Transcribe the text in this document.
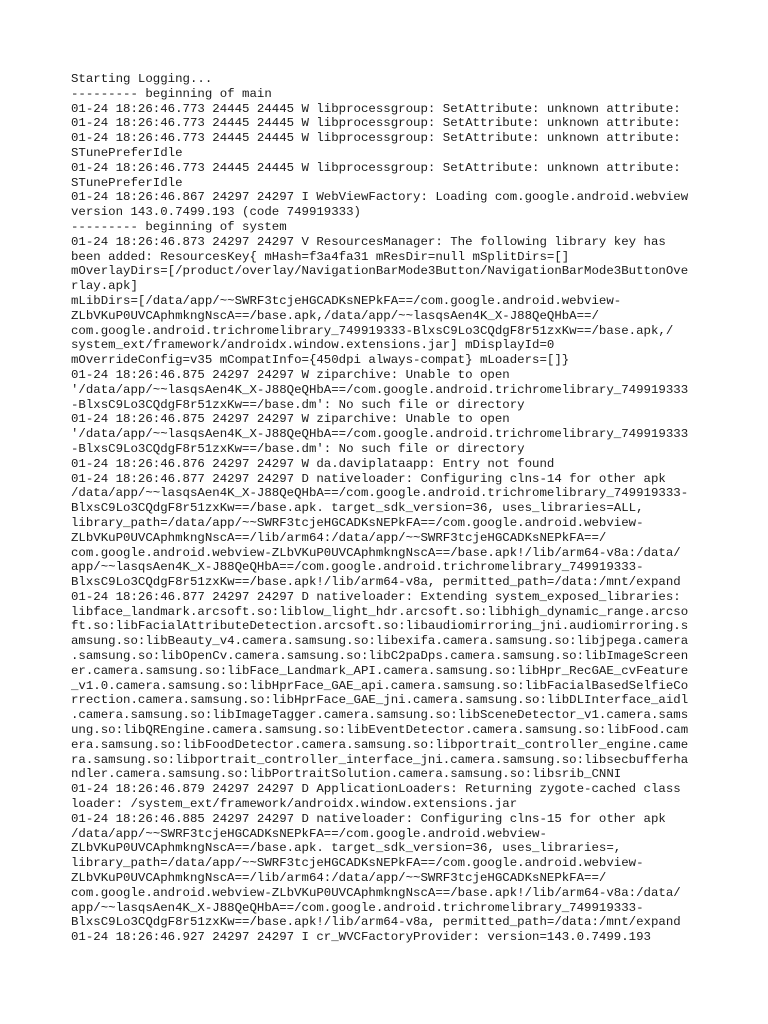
Starting Logging...
--------- beginning of main
01-24 18:26:46.773 24445 24445 W libprocessgroup: SetAttribute: unknown attribute:
01-24 18:26:46.773 24445 24445 W libprocessgroup: SetAttribute: unknown attribute:
01-24 18:26:46.773 24445 24445 W libprocessgroup: SetAttribute: unknown attribute:
STunePreferIdle
01-24 18:26:46.773 24445 24445 W libprocessgroup: SetAttribute: unknown attribute:
STunePreferIdle
01-24 18:26:46.867 24297 24297 I WebViewFactory: Loading com.google.android.webview
version 143.0.7499.193 (code 749919333)
--------- beginning of system
01-24 18:26:46.873 24297 24297 V ResourcesManager: The following library key has
been added: ResourcesKey{ mHash=f3a4fa31 mResDir=null mSplitDirs=[]
mOverlayDirs=[/product/overlay/NavigationBarMode3Button/NavigationBarMode3ButtonOve
rlay.apk]
mLibDirs=[/data/app/~~SWRF3tcjeHGCADKsNEPkFA==/com.google.android.webview-
ZLbVKuP0UVCAphmkngNscA==/base.apk,/data/app/~~lasqsAen4K_X-J88QeQHbA==/
com.google.android.trichromelibrary_749919333-BlxsC9Lo3CQdgF8r51zxKw==/base.apk,/
system_ext/framework/androidx.window.extensions.jar] mDisplayId=0
mOverrideConfig=v35 mCompatInfo={450dpi always-compat} mLoaders=[]}
01-24 18:26:46.875 24297 24297 W ziparchive: Unable to open
'/data/app/~~lasqsAen4K_X-J88QeQHbA==/com.google.android.trichromelibrary_749919333
-BlxsC9Lo3CQdgF8r51zxKw==/base.dm': No such file or directory
01-24 18:26:46.875 24297 24297 W ziparchive: Unable to open
'/data/app/~~lasqsAen4K_X-J88QeQHbA==/com.google.android.trichromelibrary_749919333
-BlxsC9Lo3CQdgF8r51zxKw==/base.dm': No such file or directory
01-24 18:26:46.876 24297 24297 W da.daviplataapp: Entry not found
01-24 18:26:46.877 24297 24297 D nativeloader: Configuring clns-14 for other apk
/data/app/~~lasqsAen4K_X-J88QeQHbA==/com.google.android.trichromelibrary_749919333-
BlxsC9Lo3CQdgF8r51zxKw==/base.apk. target_sdk_version=36, uses_libraries=ALL,
library_path=/data/app/~~SWRF3tcjeHGCADKsNEPkFA==/com.google.android.webview-
ZLbVKuP0UVCAphmkngNscA==/lib/arm64:/data/app/~~SWRF3tcjeHGCADKsNEPkFA==/
com.google.android.webview-ZLbVKuP0UVCAphmkngNscA==/base.apk!/lib/arm64-v8a:/data/
app/~~lasqsAen4K_X-J88QeQHbA==/com.google.android.trichromelibrary_749919333-
BlxsC9Lo3CQdgF8r51zxKw==/base.apk!/lib/arm64-v8a, permitted_path=/data:/mnt/expand
01-24 18:26:46.877 24297 24297 D nativeloader: Extending system_exposed_libraries:
libface_landmark.arcsoft.so:liblow_light_hdr.arcsoft.so:libhigh_dynamic_range.arcso
ft.so:libFacialAttributeDetection.arcsoft.so:libaudiomirroring_jni.audiomirroring.s
amsung.so:libBeauty_v4.camera.samsung.so:libexifa.camera.samsung.so:libjpega.camera
.samsung.so:libOpenCv.camera.samsung.so:libC2paDps.camera.samsung.so:libImageScreen
er.camera.samsung.so:libFace_Landmark_API.camera.samsung.so:libHpr_RecGAE_cvFeature
_v1.0.camera.samsung.so:libHprFace_GAE_api.camera.samsung.so:libFacialBasedSelfieCo
rrection.camera.samsung.so:libHprFace_GAE_jni.camera.samsung.so:libDLInterface_aidl
.camera.samsung.so:libImageTagger.camera.samsung.so:libSceneDetector_v1.camera.sams
ung.so:libQREngine.camera.samsung.so:libEventDetector.camera.samsung.so:libFood.cam
era.samsung.so:libFoodDetector.camera.samsung.so:libportrait_controller_engine.came
ra.samsung.so:libportrait_controller_interface_jni.camera.samsung.so:libsecbufferha
ndler.camera.samsung.so:libPortraitSolution.camera.samsung.so:libsrib_CNNI
01-24 18:26:46.879 24297 24297 D ApplicationLoaders: Returning zygote-cached class
loader: /system_ext/framework/androidx.window.extensions.jar
01-24 18:26:46.885 24297 24297 D nativeloader: Configuring clns-15 for other apk
/data/app/~~SWRF3tcjeHGCADKsNEPkFA==/com.google.android.webview-
ZLbVKuP0UVCAphmkngNscA==/base.apk. target_sdk_version=36, uses_libraries=,
library_path=/data/app/~~SWRF3tcjeHGCADKsNEPkFA==/com.google.android.webview-
ZLbVKuP0UVCAphmkngNscA==/lib/arm64:/data/app/~~SWRF3tcjeHGCADKsNEPkFA==/
com.google.android.webview-ZLbVKuP0UVCAphmkngNscA==/base.apk!/lib/arm64-v8a:/data/
app/~~lasqsAen4K_X-J88QeQHbA==/com.google.android.trichromelibrary_749919333-
BlxsC9Lo3CQdgF8r51zxKw==/base.apk!/lib/arm64-v8a, permitted_path=/data:/mnt/expand
01-24 18:26:46.927 24297 24297 I cr_WVCFactoryProvider: version=143.0.7499.193
